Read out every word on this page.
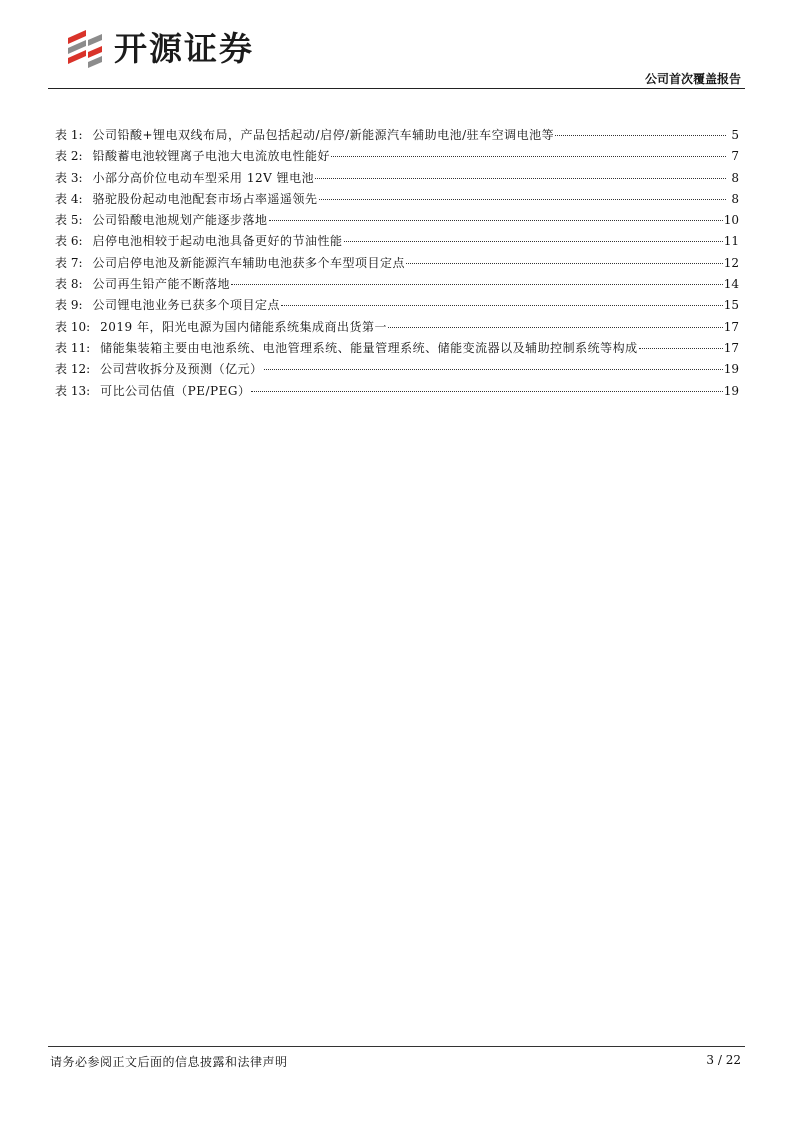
开源证券
公司首次覆盖报告
表 1: 公司铅酸+锂电双线布局，产品包括起动/启停/新能源汽车辅助电池/驻车空调电池等	5
表 2: 铅酸蓄电池较锂离子电池大电流放电性能好	7
表 3: 小部分高价位电动车型采用 12V 锂电池	8
表 4: 骆驼股份起动电池配套市场占率遥遥领先	8
表 5: 公司铅酸电池规划产能逐步落地	10
表 6: 启停电池相较于起动电池具备更好的节油性能	11
表 7: 公司启停电池及新能源汽车辅助电池获多个车型项目定点	12
表 8: 公司再生铅产能不断落地	14
表 9: 公司锂电池业务已获多个项目定点	15
表 10: 2019 年，阳光电源为国内储能系统集成商出货第一	17
表 11: 储能集装箱主要由电池系统、电池管理系统、能量管理系统、储能变流器以及辅助控制系统等构成	17
表 12: 公司营收拆分及预测（亿元）	19
表 13: 可比公司估值（PE/PEG）	19
请务必参阅正文后面的信息披露和法律声明	3 / 22
